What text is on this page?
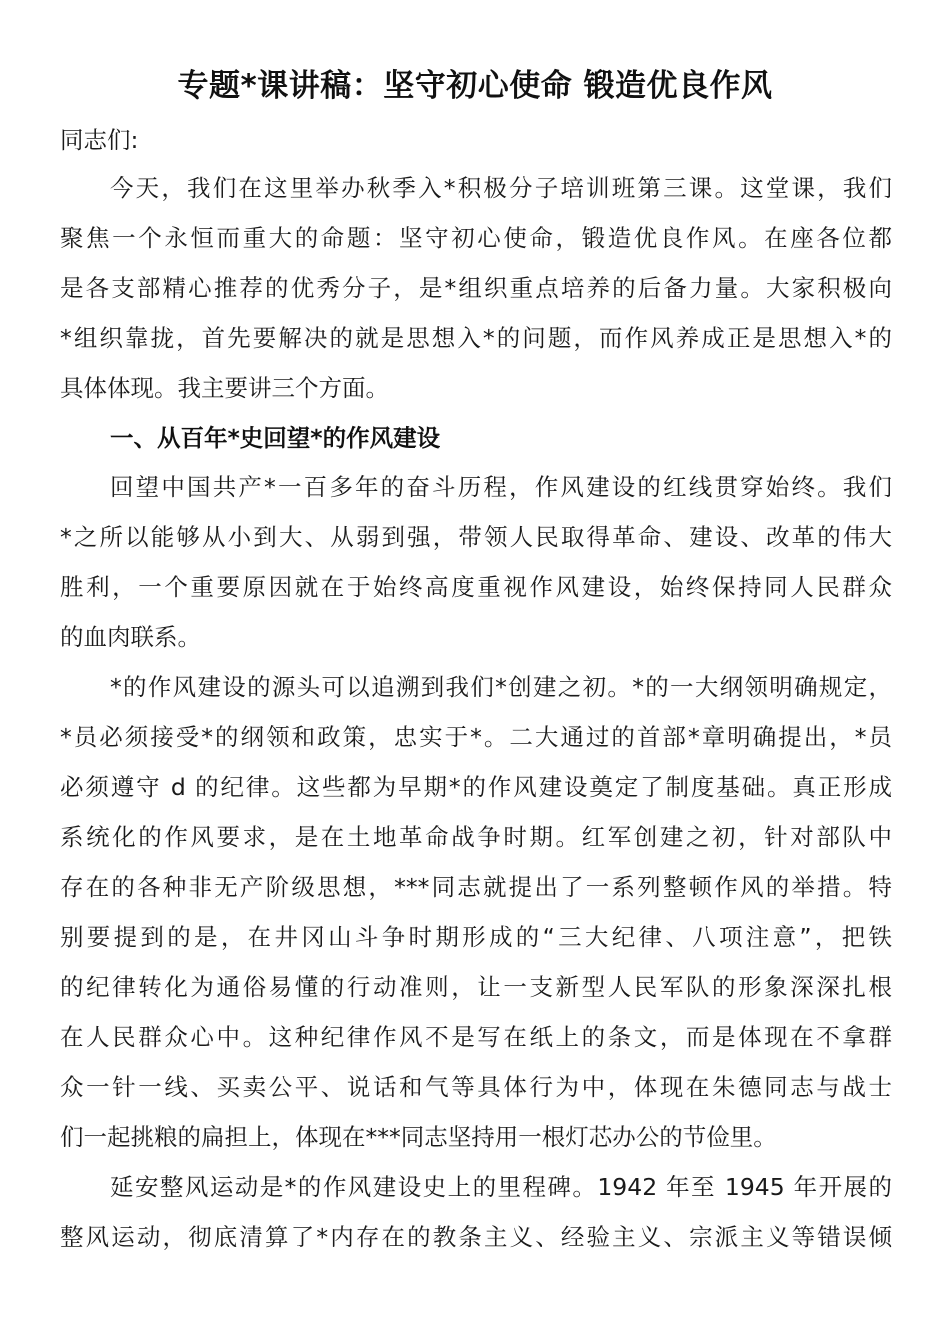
专题*课讲稿：坚守初心使命 锻造优良作风
同志们:
今天，我们在这里举办秋季入*积极分子培训班第三课。这堂课，我们
聚焦一个永恒而重大的命题：坚守初心使命，锻造优良作风。在座各位都
是各支部精心推荐的优秀分子，是*组织重点培养的后备力量。大家积极向
*组织靠拢，首先要解决的就是思想入*的问题，而作风养成正是思想入*的
具体体现。我主要讲三个方面。
一、从百年*史回望*的作风建设
回望中国共产*一百多年的奋斗历程，作风建设的红线贯穿始终。我们
*之所以能够从小到大、从弱到强，带领人民取得革命、建设、改革的伟大
胜利，一个重要原因就在于始终高度重视作风建设，始终保持同人民群众
的血肉联系。
*的作风建设的源头可以追溯到我们*创建之初。*的一大纲领明确规定，
*员必须接受*的纲领和政策，忠实于*。二大通过的首部*章明确提出，*员
必须遵守 d 的纪律。这些都为早期*的作风建设奠定了制度基础。真正形成
系统化的作风要求，是在土地革命战争时期。红军创建之初，针对部队中
存在的各种非无产阶级思想，***同志就提出了一系列整顿作风的举措。特
别要提到的是，在井冈山斗争时期形成的“三大纪律、八项注意”，把铁
的纪律转化为通俗易懂的行动准则，让一支新型人民军队的形象深深扎根
在人民群众心中。这种纪律作风不是写在纸上的条文，而是体现在不拿群
众一针一线、买卖公平、说话和气等具体行为中，体现在朱德同志与战士
们一起挑粮的扁担上，体现在***同志坚持用一根灯芯办公的节俭里。
延安整风运动是*的作风建设史上的里程碑。1942 年至 1945 年开展的
整风运动，彻底清算了*内存在的教条主义、经验主义、宗派主义等错误倾
